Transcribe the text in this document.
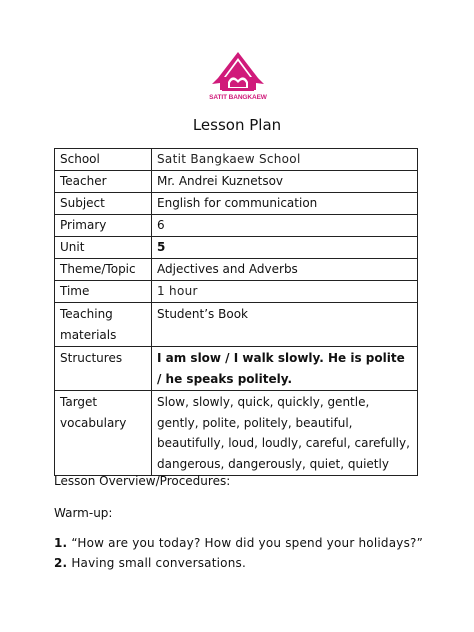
SATIT BANGKAEW
Lesson Plan
School	Satit Bangkaew School
Teacher	Mr. Andrei Kuznetsov
Subject	English for communication
Primary	6
Unit	5
Theme/Topic	Adjectives and Adverbs
Time	1 hour
Teaching materials	Student’s Book
Structures	I am slow / I walk slowly. He is polite / he speaks politely.
Target vocabulary	Slow, slowly, quick, quickly, gentle, gently, polite, politely, beautiful, beautifully, loud, loudly, careful, carefully, dangerous, dangerously, quiet, quietly
Lesson Overview/Procedures:
Warm-up:
1. “How are you today? How did you spend your holidays?”
2. Having small conversations.
